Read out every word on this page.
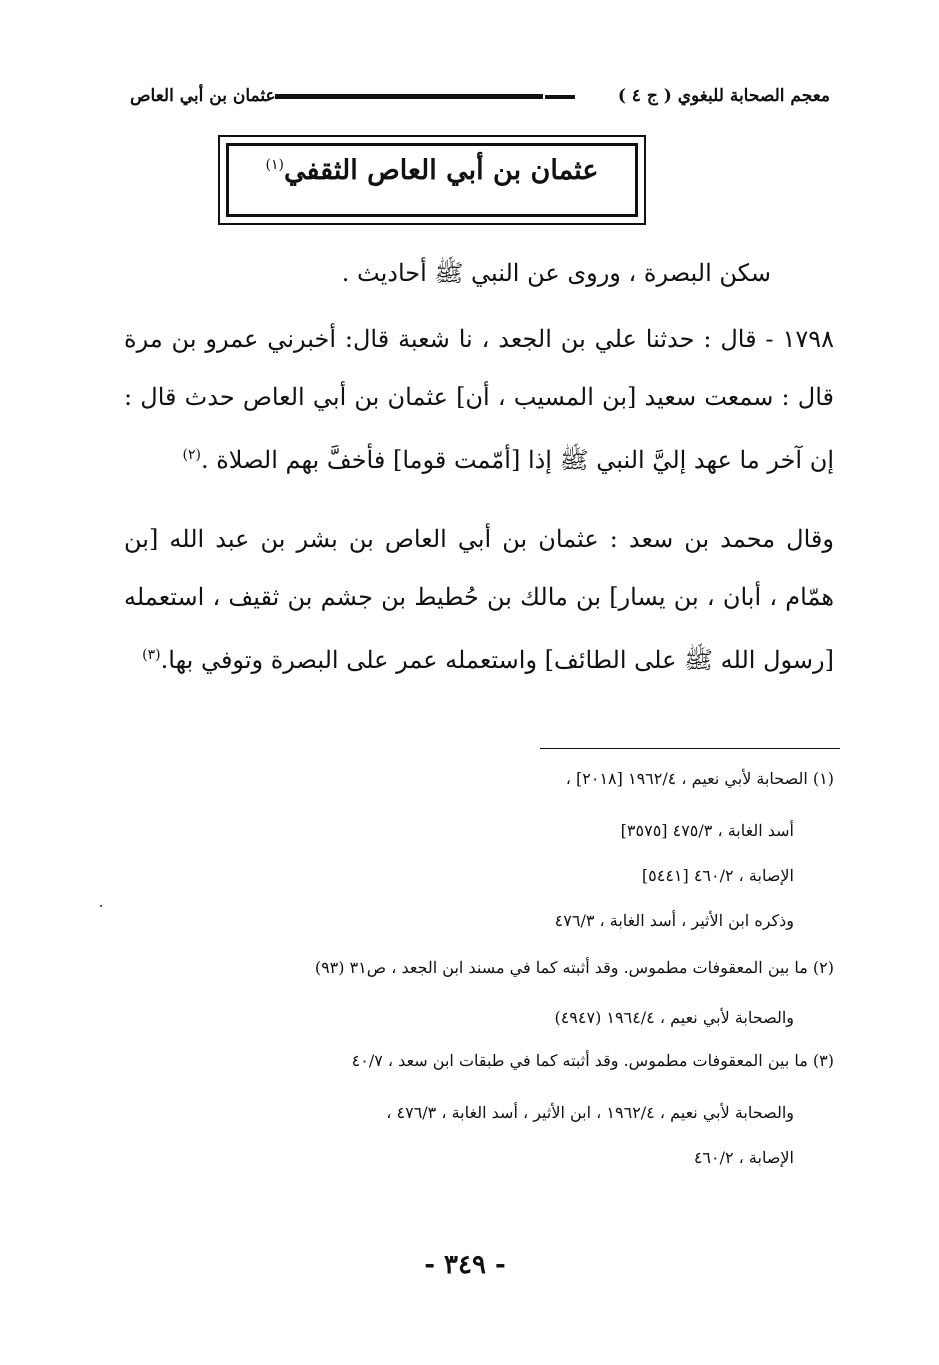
معجم الصحابة للبغوي ( ج ٤ )
عثمان بن أبي العاص
عثمان بن أبي العاص الثقفي$^{(١)}$
سكن البصرة ، وروى عن النبي ﷺ أحاديث .
١٧٩٨ - قال : حدثنا علي بن الجعد ، نا شعبة قال: أخبرني عمرو بن مرة قال : سمعت سعيد [بن المسيب ، أن] عثمان بن أبي العاص حدث قال : إن آخر ما عهد إليَّ النبي ﷺ إذا [أمّمت قوما] فأخفَّ بهم الصلاة .$^{(٢)}$
وقال محمد بن سعد : عثمان بن أبي العاص بن بشر بن عبد الله [بن همّام ، أبان ، بن يسار] بن مالك بن حُطيط بن جشم بن ثقيف ، استعمله [رسول الله ﷺ على الطائف] واستعمله عمر على البصرة وتوفي بها.$^{(٣)}$
(١) الصحابة لأبي نعيم ، ١٩٦٢/٤ [٢٠١٨] ،
أسد الغابة ، ٤٧٥/٣ [٣٥٧٥]
الإصابة ، ٤٦٠/٢ [٥٤٤١]
وذكره ابن الأثير ، أسد الغابة ، ٤٧٦/٣
(٢) ما بين المعقوفات مطموس. وقد أثبته كما في مسند ابن الجعد ، ص٣١ (٩٣)
والصحابة لأبي نعيم ، ١٩٦٤/٤ (٤٩٤٧)
(٣) ما بين المعقوفات مطموس. وقد أثبته كما في طبقات ابن سعد ، ٤٠/٧
والصحابة لأبي نعيم ، ١٩٦٢/٤ ، ابن الأثير ، أسد الغابة ، ٤٧٦/٣ ،
الإصابة ، ٤٦٠/٢
- ٣٤٩ -
